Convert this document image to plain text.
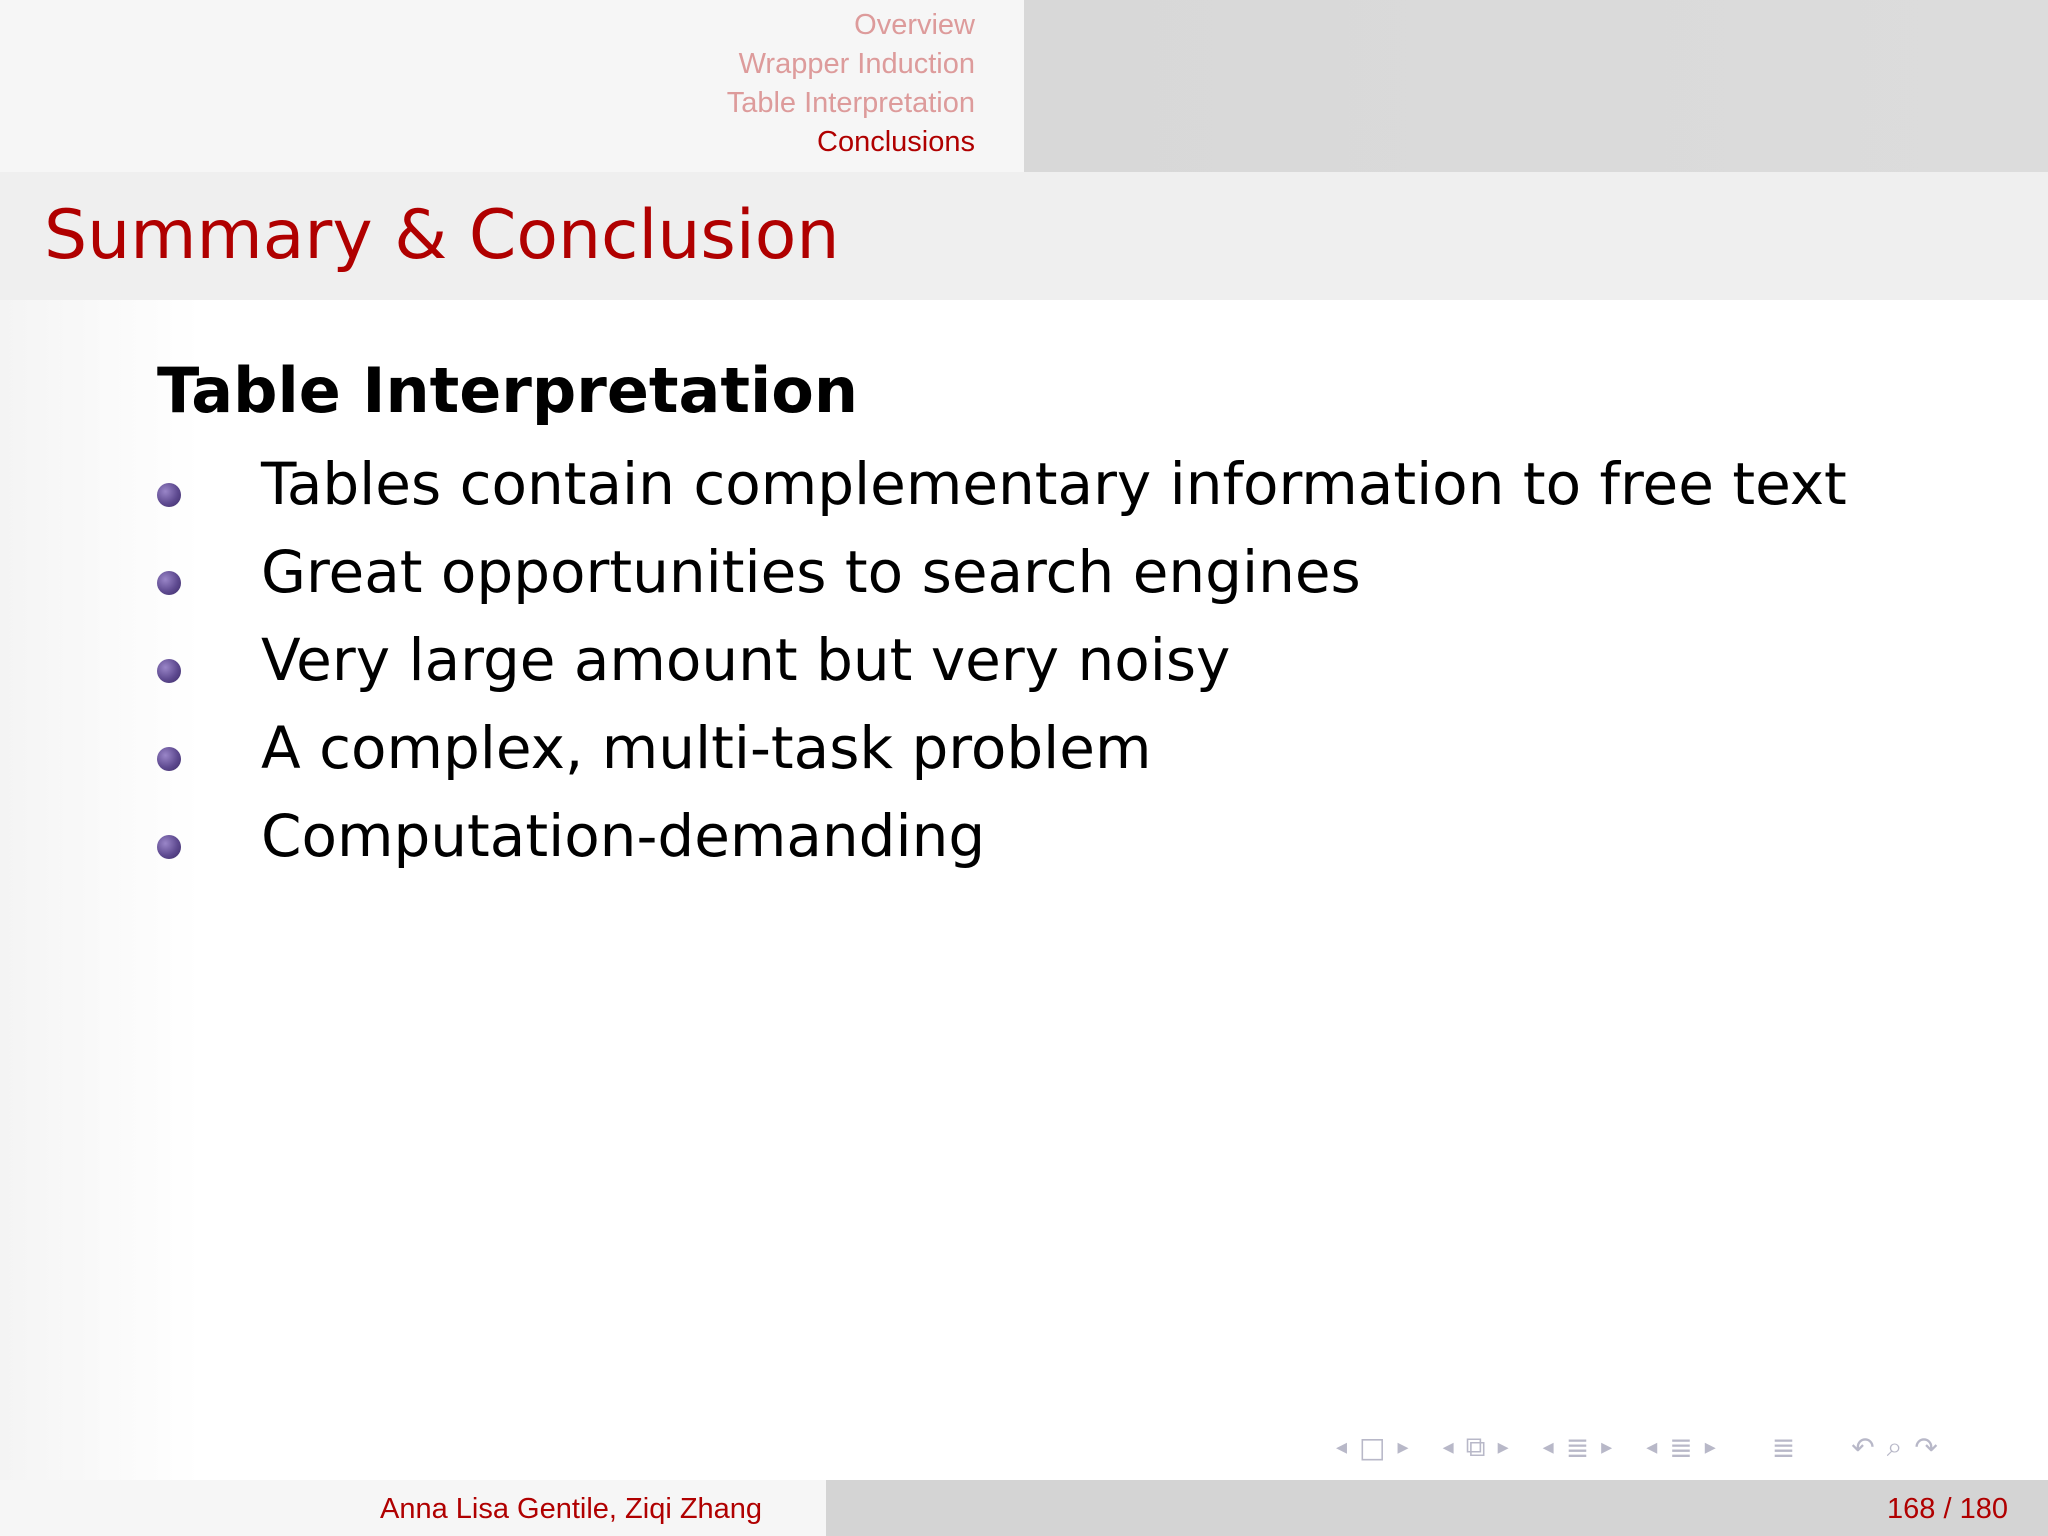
Overview
Wrapper Induction
Table Interpretation
Conclusions
Summary & Conclusion
Table Interpretation
Tables contain complementary information to free text
Great opportunities to search engines
Very large amount but very noisy
A complex, multi-task problem
Computation-demanding
◂ □ ▸ ◂ ⧉ ▸ ◂ ≣ ▸ ◂ ≣ ▸ ≣ ↶ ⌕ ↷
Anna Lisa Gentile, Ziqi Zhang	168 / 180
